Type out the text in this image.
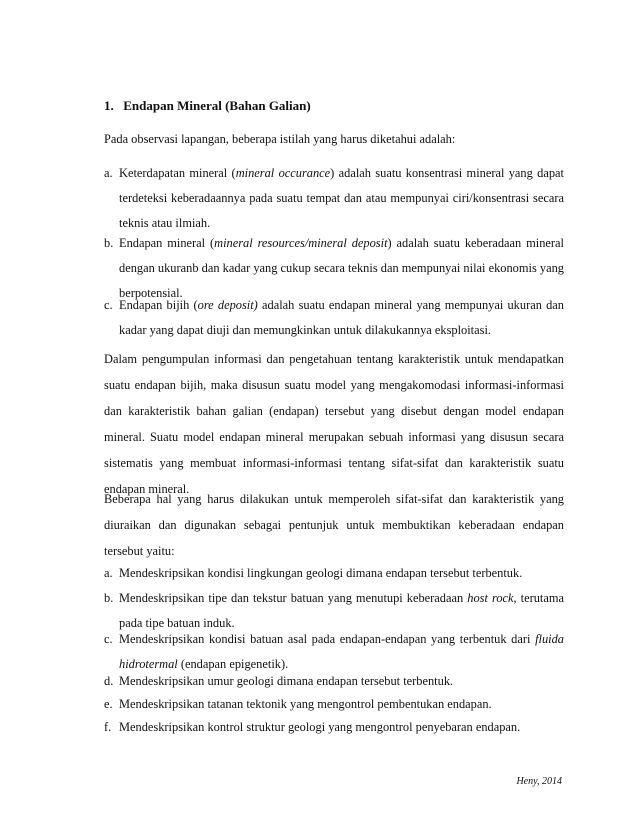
1. Endapan Mineral (Bahan Galian)
Pada observasi lapangan, beberapa istilah yang harus diketahui adalah:
a. Keterdapatan mineral (mineral occurance) adalah suatu konsentrasi mineral yang dapat terdeteksi keberadaannya pada suatu tempat dan atau mempunyai ciri/konsentrasi secara teknis atau ilmiah.
b. Endapan mineral (mineral resources/mineral deposit) adalah suatu keberadaan mineral dengan ukuranb dan kadar yang cukup secara teknis dan mempunyai nilai ekonomis yang berpotensial.
c. Endapan bijih (ore deposit) adalah suatu endapan mineral yang mempunyai ukuran dan kadar yang dapat diuji dan memungkinkan untuk dilakukannya eksploitasi.
Dalam pengumpulan informasi dan pengetahuan tentang karakteristik untuk mendapatkan suatu endapan bijih, maka disusun suatu model yang mengakomodasi informasi-informasi dan karakteristik bahan galian (endapan) tersebut yang disebut dengan model endapan mineral. Suatu model endapan mineral merupakan sebuah informasi yang disusun secara sistematis yang membuat informasi-informasi tentang sifat-sifat dan karakteristik suatu endapan mineral.
Beberapa hal yang harus dilakukan untuk memperoleh sifat-sifat dan karakteristik yang diuraikan dan digunakan sebagai pentunjuk untuk membuktikan keberadaan endapan tersebut yaitu:
a. Mendeskripsikan kondisi lingkungan geologi dimana endapan tersebut terbentuk.
b. Mendeskripsikan tipe dan tekstur batuan yang menutupi keberadaan host rock, terutama pada tipe batuan induk.
c. Mendeskripsikan kondisi batuan asal pada endapan-endapan yang terbentuk dari fluida hidrotermal (endapan epigenetik).
d. Mendeskripsikan umur geologi dimana endapan tersebut terbentuk.
e. Mendeskripsikan tatanan tektonik yang mengontrol pembentukan endapan.
f. Mendeskripsikan kontrol struktur geologi yang mengontrol penyebaran endapan.
Heny, 2014
